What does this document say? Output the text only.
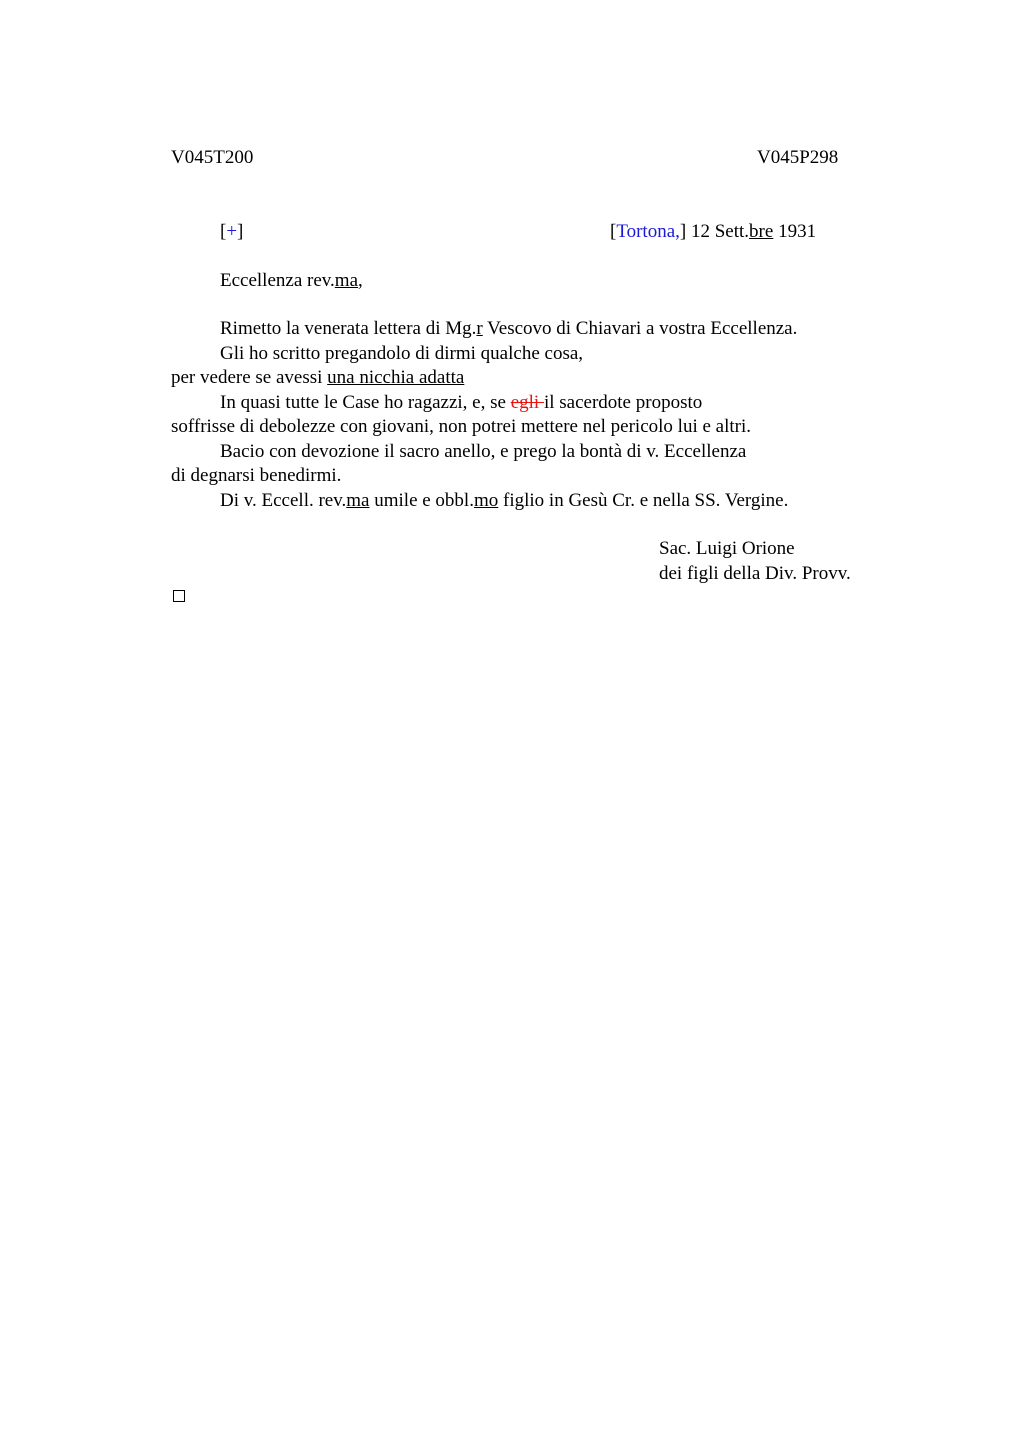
V045T200	V045P298
[+]	[Tortona,] 12 Sett.bre 1931
Eccellenza rev.ma,
Rimetto la venerata lettera di Mg.r Vescovo di Chiavari a vostra Eccellenza.
Gli ho scritto pregandolo di dirmi qualche cosa,
per vedere se avessi una nicchia adatta
In quasi tutte le Case ho ragazzi, e, se egli il sacerdote proposto
soffrisse di debolezze con giovani, non potrei mettere nel pericolo lui e altri.
Bacio con devozione il sacro anello, e prego la bontà di v. Eccellenza
di degnarsi benedirmi.
Di v. Eccell. rev.ma umile e obbl.mo figlio in Gesù Cr. e nella SS. Vergine.
Sac. Luigi Orione
dei figli della Div. Provv.
